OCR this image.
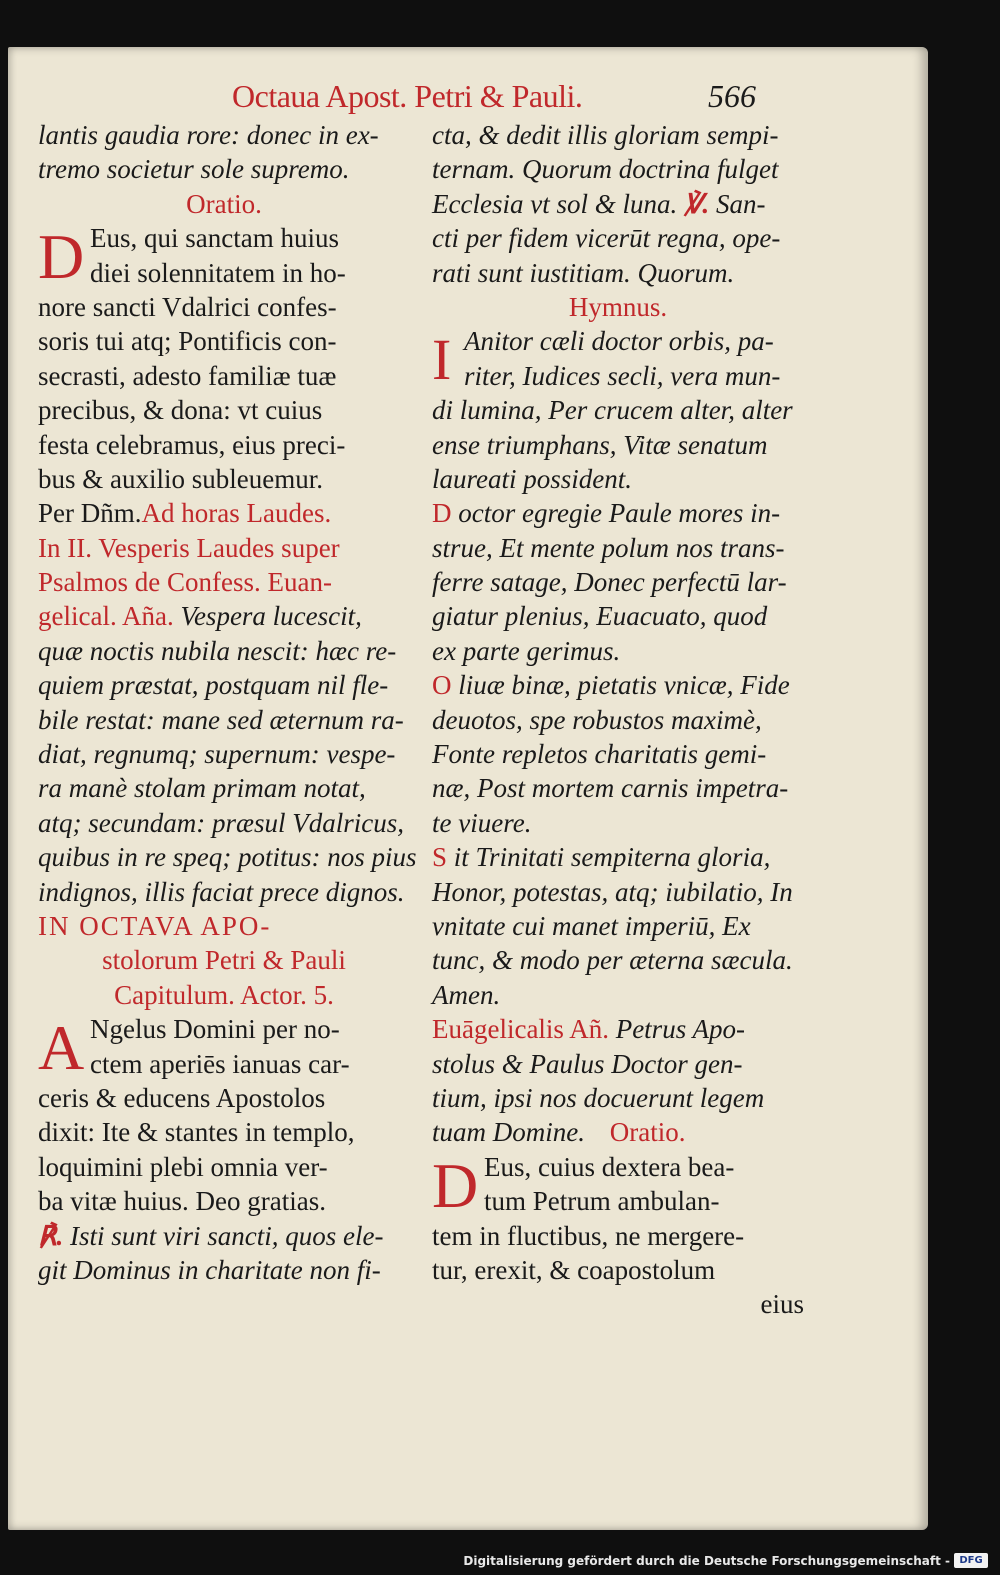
Octaua Apost. Petri & Pauli.	566
lantis gaudia rore: donec in ex-
tremo societur sole supremo.
Oratio.
D Eus, qui sanctam huius
diei solennitatem in ho-
nore sancti Vdalrici confes-
soris tui atq; Pontificis con-
secrasti, adesto familiæ tuæ
precibus, & dona: vt cuius
festa celebramus, eius preci-
bus & auxilio subleuemur.
Per Dñm.Ad horas Laudes.
In II. Vesperis Laudes super
Psalmos de Confess. Euan-
gelical. Aña. Vespera lucescit,
quæ noctis nubila nescit: hæc re-
quiem præstat, postquam nil fle-
bile restat: mane sed æternum ra-
diat, regnumq; supernum: vespe-
ra manè stolam primam notat,
atq; secundam: præsul Vdalricus,
quibus in re speq; potitus: nos pius
indignos, illis faciat prece dignos.
IN OCTAVA APO-
stolorum Petri & Pauli
Capitulum. Actor. 5.
A Ngelus Domini per no-
ctem aperiēs ianuas car-
ceris & educens Apostolos
dixit: Ite & stantes in templo,
loquimini plebi omnia ver-
ba vitæ huius. Deo gratias.
℟. Isti sunt viri sancti, quos ele-
git Dominus in charitate non fi-
cta, & dedit illis gloriam sempi-
ternam. Quorum doctrina fulget
Ecclesia vt sol & luna. ℣. San-
cti per fidem vicerūt regna, ope-
rati sunt iustitiam. Quorum.
Hymnus.
I Anitor cæli doctor orbis, pa-
riter, Iudices secli, vera mun-
di lumina, Per crucem alter, alter
ense triumphans, Vitæ senatum
laureati possident.
D octor egregie Paule mores in-
strue, Et mente polum nos trans-
ferre satage, Donec perfectū lar-
giatur plenius, Euacuato, quod
ex parte gerimus.
O liuæ binæ, pietatis vnicæ, Fide
deuotos, spe robustos maximè,
Fonte repletos charitatis gemi-
næ, Post mortem carnis impetra-
te viuere.
S it Trinitati sempiterna gloria,
Honor, potestas, atq; iubilatio, In
vnitate cui manet imperiū, Ex
tunc, & modo per æterna sæcula.
Amen.
Euāgelicalis Añ. Petrus Apo-
stolus & Paulus Doctor gen-
tium, ipsi nos docuerunt legem
tuam Domine. Oratio.
D Eus, cuius dextera bea-
tum Petrum ambulan-
tem in fluctibus, ne mergere-
tur, erexit, & coapostolum
eius
Digitalisierung gefördert durch die Deutsche Forschungsgemeinschaft - DFG
